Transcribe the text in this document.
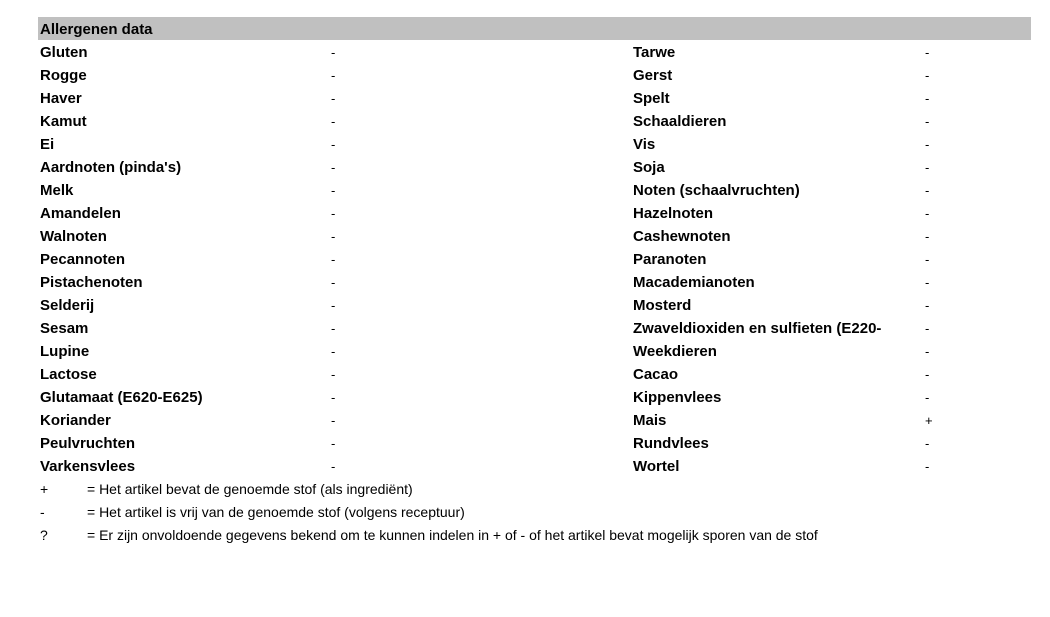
Allergenen data
Gluten	-	Tarwe	-
Rogge	-	Gerst	-
Haver	-	Spelt	-
Kamut	-	Schaaldieren	-
Ei	-	Vis	-
Aardnoten (pinda's)	-	Soja	-
Melk	-	Noten (schaalvruchten)	-
Amandelen	-	Hazelnoten	-
Walnoten	-	Cashewnoten	-
Pecannoten	-	Paranoten	-
Pistachenoten	-	Macademianoten	-
Selderij	-	Mosterd	-
Sesam	-	Zwaveldioxiden en sulfieten (E220-	-
Lupine	-	Weekdieren	-
Lactose	-	Cacao	-
Glutamaat (E620-E625)	-	Kippenvlees	-
Koriander	-	Mais	+
Peulvruchten	-	Rundvlees	-
Varkensvlees	-	Wortel	-
+	= Het artikel bevat de genoemde stof (als ingrediënt)
-	= Het artikel is vrij van de genoemde stof (volgens receptuur)
?	= Er zijn onvoldoende gegevens bekend om te kunnen indelen in + of - of het artikel bevat mogelijk sporen van de stof
